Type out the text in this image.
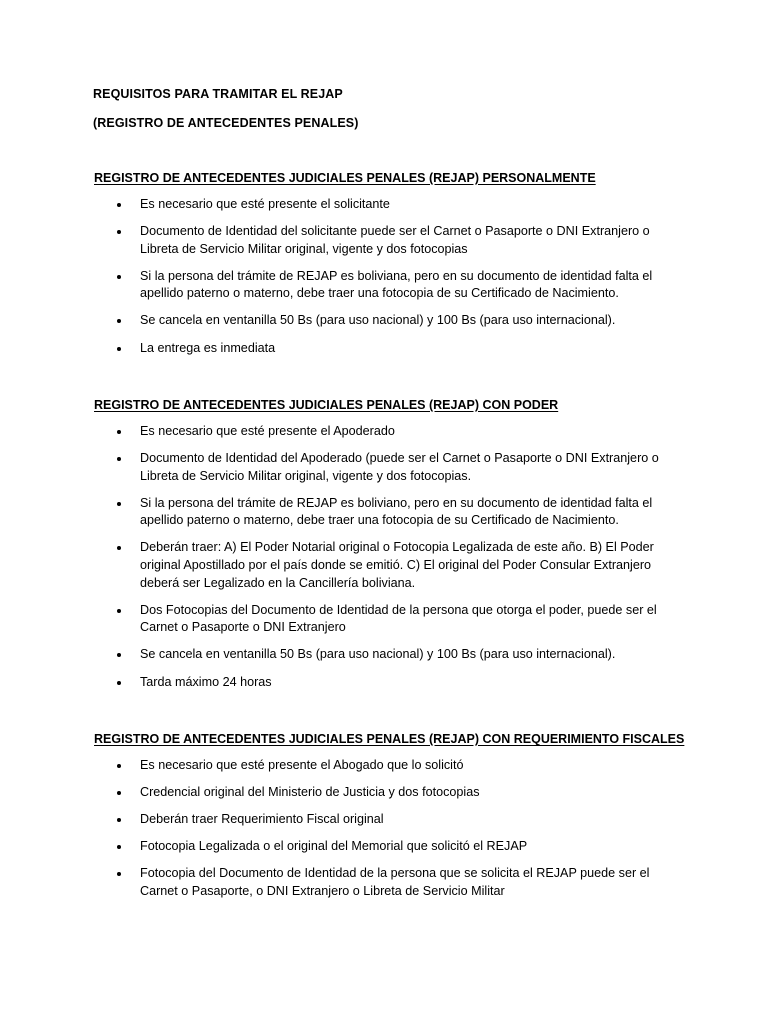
REQUISITOS PARA TRAMITAR EL REJAP
(REGISTRO DE ANTECEDENTES PENALES)
REGISTRO DE ANTECEDENTES JUDICIALES PENALES (REJAP) PERSONALMENTE
Es necesario que esté presente el solicitante
Documento de Identidad del solicitante puede ser el Carnet o Pasaporte o DNI Extranjero o Libreta de Servicio Militar original, vigente y dos fotocopias
Si la persona del trámite de REJAP es boliviana, pero en su documento de identidad falta el apellido paterno o materno, debe traer una fotocopia de su Certificado de Nacimiento.
Se cancela en ventanilla 50 Bs (para uso nacional) y 100 Bs (para uso internacional).
La entrega es inmediata
REGISTRO DE ANTECEDENTES JUDICIALES PENALES (REJAP) CON PODER
Es necesario que esté presente el Apoderado
Documento de Identidad del Apoderado (puede ser el Carnet o Pasaporte o DNI Extranjero o Libreta de Servicio Militar original, vigente y dos fotocopias.
Si la persona del trámite de REJAP es boliviano, pero en su documento de identidad falta el apellido paterno o materno, debe traer una fotocopia de su Certificado de Nacimiento.
Deberán traer: A) El Poder Notarial original o Fotocopia Legalizada de este año. B) El Poder original Apostillado por el país donde se emitió. C) El original del Poder Consular Extranjero deberá ser Legalizado en la Cancillería boliviana.
Dos Fotocopias del Documento de Identidad de la persona que otorga el poder, puede ser el Carnet o Pasaporte o DNI Extranjero
Se cancela en ventanilla 50 Bs (para uso nacional) y 100 Bs (para uso internacional).
Tarda máximo 24 horas
REGISTRO DE ANTECEDENTES JUDICIALES PENALES (REJAP) CON REQUERIMIENTO FISCALES
Es necesario que esté presente el Abogado que lo solicitó
Credencial original del Ministerio de Justicia y dos fotocopias
Deberán traer Requerimiento Fiscal original
Fotocopia Legalizada o el original del Memorial que solicitó el REJAP
Fotocopia del Documento de Identidad de la persona que se solicita el REJAP puede ser el Carnet o Pasaporte, o DNI Extranjero o Libreta de Servicio Militar
